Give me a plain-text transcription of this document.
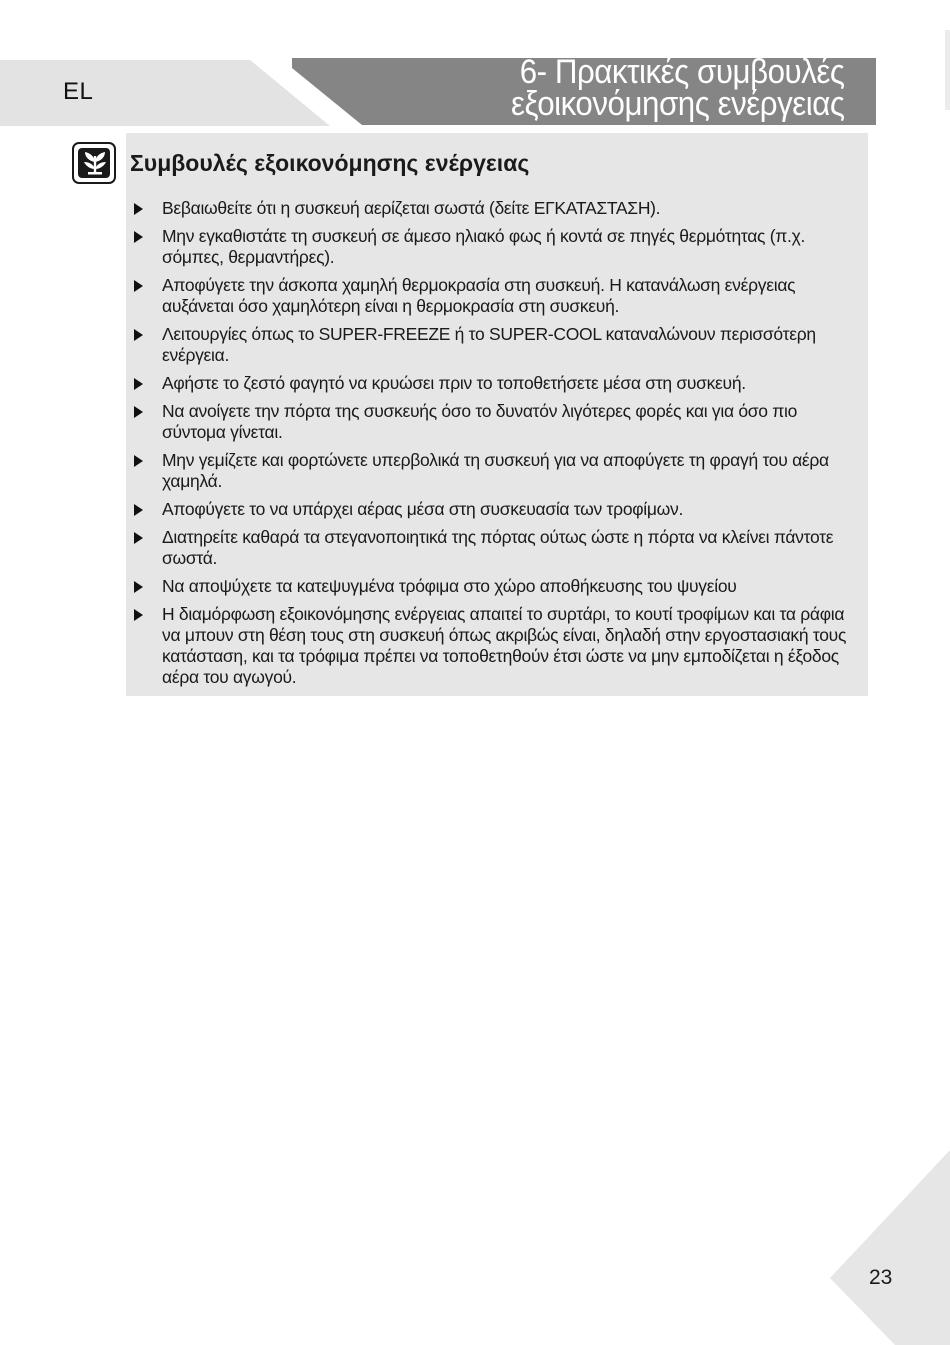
EL
6- Πρακτικές συμβουλές
εξοικονόμησης ενέργειας
Συμβουλές εξοικονόμησης ενέργειας
Βεβαιωθείτε ότι η συσκευή αερίζεται σωστά (δείτε ΕΓΚΑΤΑΣΤΑΣΗ).
Μην εγκαθιστάτε τη συσκευή σε άμεσο ηλιακό φως ή κοντά σε πηγές θερμότητας (π.χ. σόμπες, θερμαντήρες).
Αποφύγετε την άσκοπα χαμηλή θερμοκρασία στη συσκευή. Η κατανάλωση ενέργειας αυξάνεται όσο χαμηλότερη είναι η θερμοκρασία στη συσκευή.
Λειτουργίες όπως το SUPER-FREEZE ή το SUPER-COOL καταναλώνουν περισσότερη ενέργεια.
Αφήστε το ζεστό φαγητό να κρυώσει πριν το τοποθετήσετε μέσα στη συσκευή.
Να ανοίγετε την πόρτα της συσκευής όσο το δυνατόν λιγότερες φορές και για όσο πιο σύντομα γίνεται.
Μην γεμίζετε και φορτώνετε υπερβολικά τη συσκευή για να αποφύγετε τη φραγή του αέρα χαμηλά.
Αποφύγετε το να υπάρχει αέρας μέσα στη συσκευασία των τροφίμων.
Διατηρείτε καθαρά τα στεγανοποιητικά της πόρτας ούτως ώστε η πόρτα να κλείνει πάντοτε σωστά.
Να αποψύχετε τα κατεψυγμένα τρόφιμα στο χώρο αποθήκευσης του ψυγείου
Η διαμόρφωση εξοικονόμησης ενέργειας απαιτεί το συρτάρι, το κουτί τροφίμων και τα ράφια να μπουν στη θέση τους στη συσκευή όπως ακριβώς είναι, δηλαδή στην εργοστασιακή τους κατάσταση, και τα τρόφιμα πρέπει να τοποθετηθούν έτσι ώστε να μην εμποδίζεται η έξοδος αέρα του αγωγού.
23
